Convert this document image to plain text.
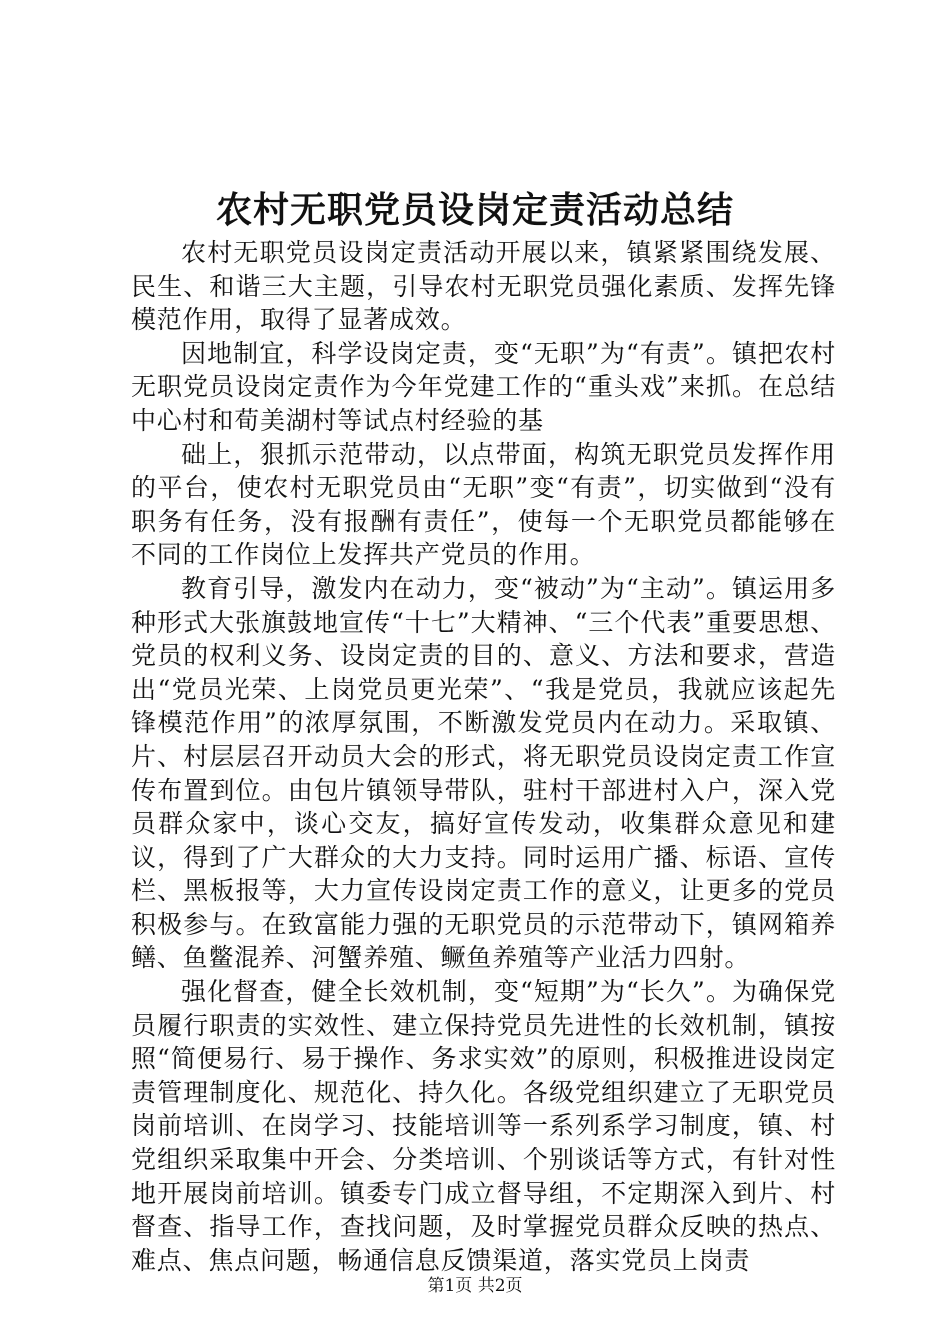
农村无职党员设岗定责活动总结

农村无职党员设岗定责活动开展以来，镇紧紧围绕发展、民生、和谐三大主题，引导农村无职党员强化素质、发挥先锋模范作用，取得了显著成效。

因地制宜，科学设岗定责，变“无职”为“有责”。镇把农村无职党员设岗定责作为今年党建工作的“重头戏”来抓。在总结中心村和荀美湖村等试点村经验的基

础上，狠抓示范带动，以点带面，构筑无职党员发挥作用的平台，使农村无职党员由“无职”变“有责”，切实做到“没有职务有任务，没有报酬有责任”，使每一个无职党员都能够在不同的工作岗位上发挥共产党员的作用。

教育引导，激发内在动力，变“被动”为“主动”。镇运用多种形式大张旗鼓地宣传“十七”大精神、“三个代表”重要思想、党员的权利义务、设岗定责的目的、意义、方法和要求，营造出“党员光荣、上岗党员更光荣”、“我是党员，我就应该起先锋模范作用”的浓厚氛围，不断激发党员内在动力。采取镇、片、村层层召开动员大会的形式，将无职党员设岗定责工作宣传布置到位。由包片镇领导带队，驻村干部进村入户，深入党员群众家中，谈心交友，搞好宣传发动，收集群众意见和建议，得到了广大群众的大力支持。同时运用广播、标语、宣传栏、黑板报等，大力宣传设岗定责工作的意义，让更多的党员积极参与。在致富能力强的无职党员的示范带动下，镇网箱养鳝、鱼鳖混养、河蟹养殖、鳜鱼养殖等产业活力四射。

强化督查，健全长效机制，变“短期”为“长久”。为确保党员履行职责的实效性、建立保持党员先进性的长效机制，镇按照“简便易行、易于操作、务求实效”的原则，积极推进设岗定责管理制度化、规范化、持久化。各级党组织建立了无职党员岗前培训、在岗学习、技能培训等一系列系学习制度，镇、村党组织采取集中开会、分类培训、个别谈话等方式，有针对性地开展岗前培训。镇委专门成立督导组，不定期深入到片、村督查、指导工作，查找问题，及时掌握党员群众反映的热点、难点、焦点问题，畅通信息反馈渠道，落实党员上岗责

第1页 共2页
